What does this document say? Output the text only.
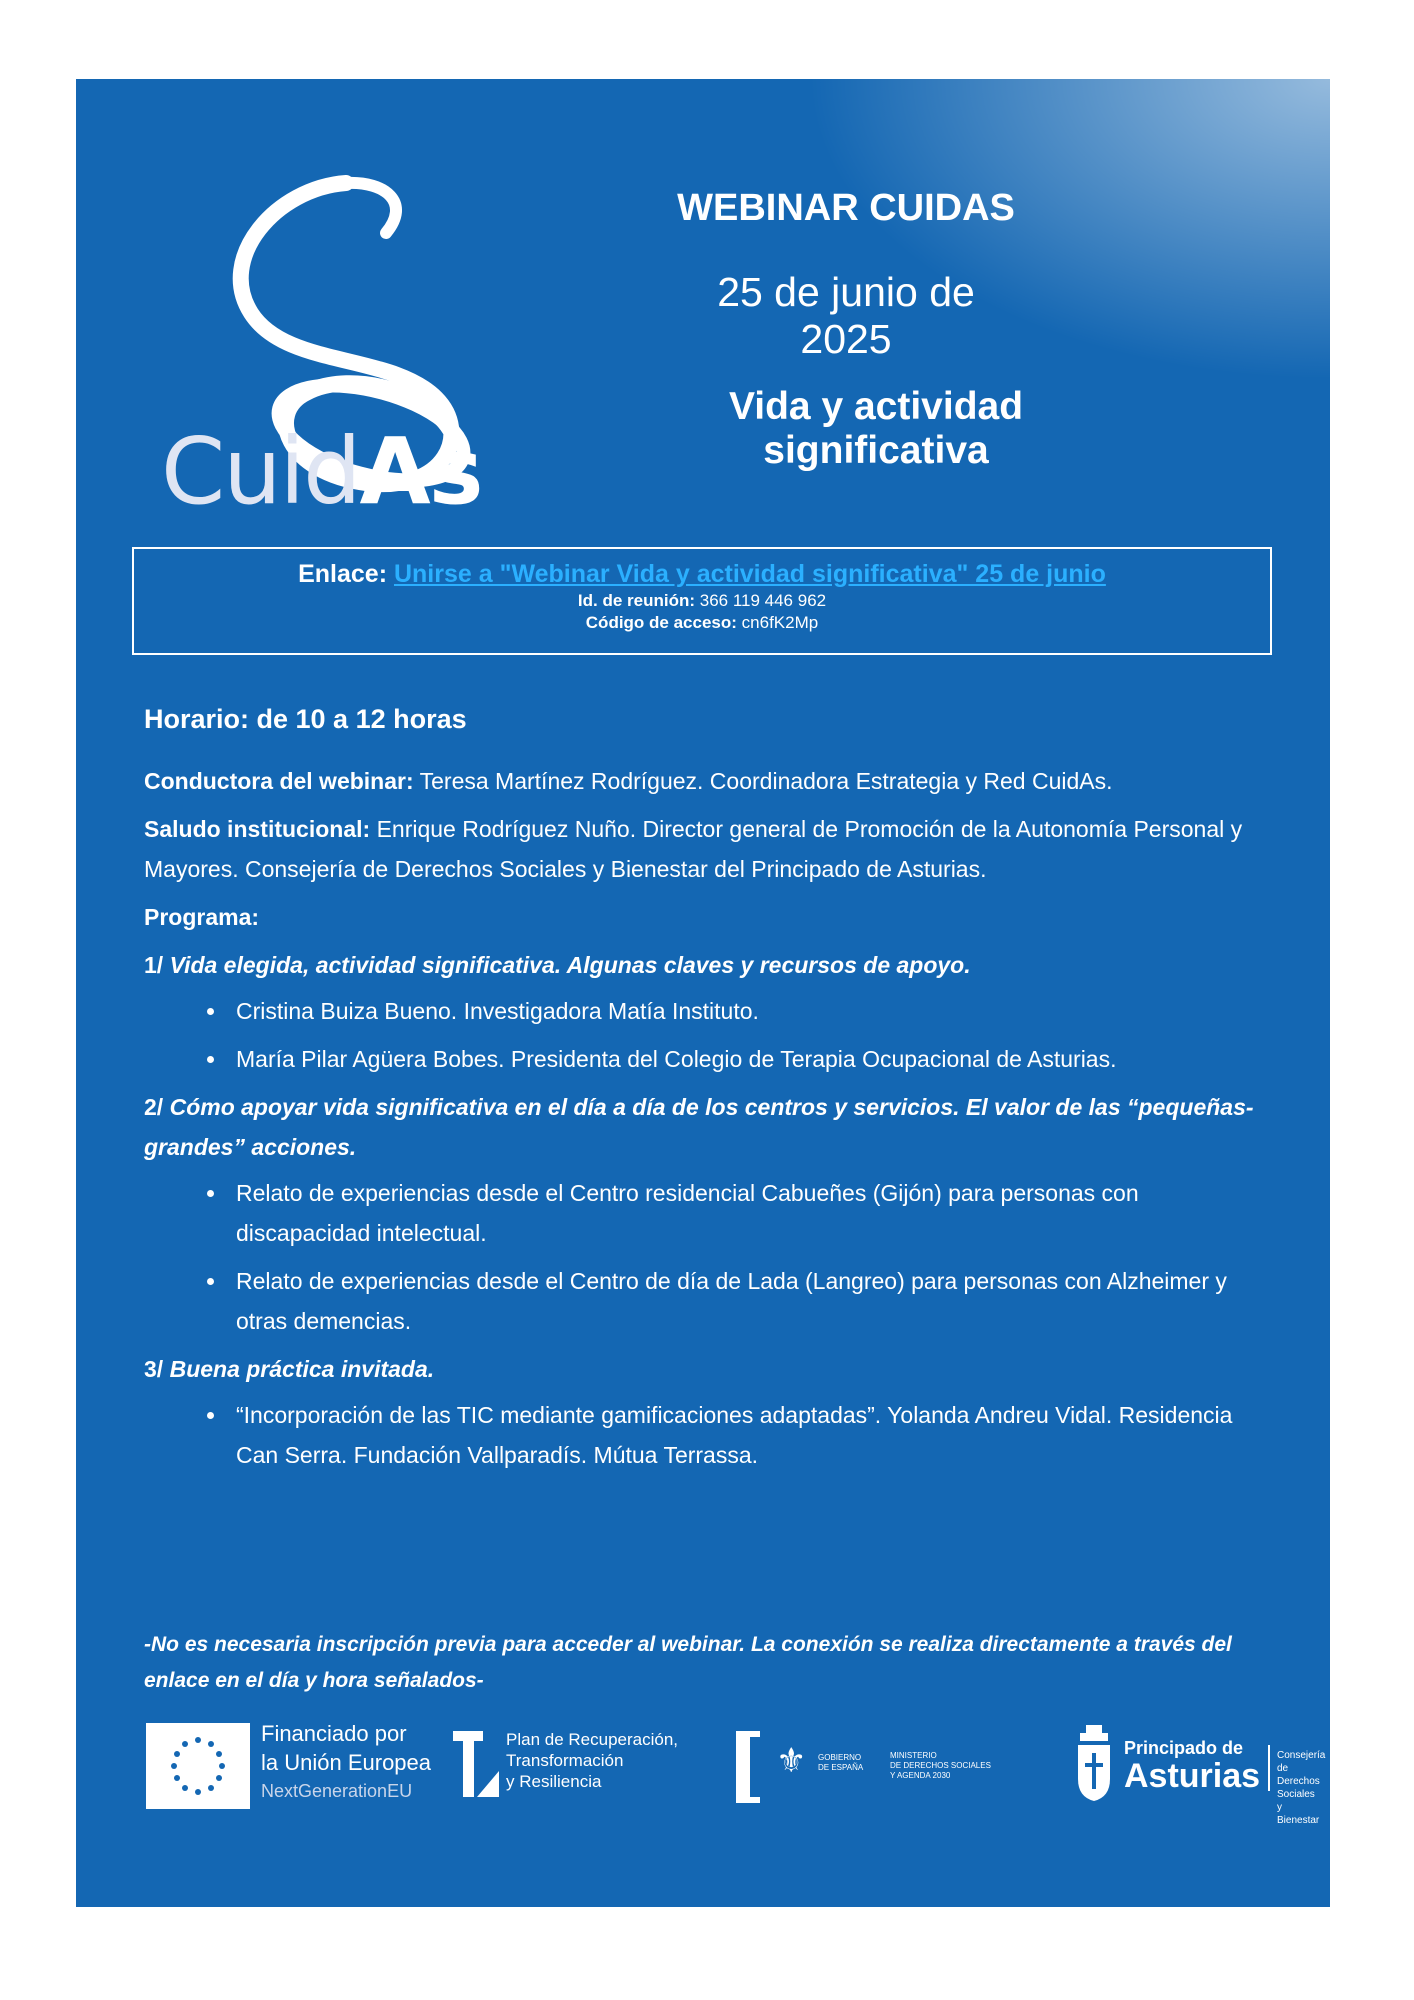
CuidAs
WEBINAR CUIDAS
25 de junio de 2025
Vida y actividad significativa
Enlace: Unirse a "Webinar Vida y actividad significativa" 25 de junio
Id. de reunión: 366 119 446 962
Código de acceso: cn6fK2Mp

Horario: de 10 a 12 horas

Conductora del webinar: Teresa Martínez Rodríguez. Coordinadora Estrategia y Red CuidAs.

Saludo institucional: Enrique Rodríguez Nuño. Director general de Promoción de la Autonomía Personal y Mayores. Consejería de Derechos Sociales y Bienestar del Principado de Asturias.

Programa:

1/ Vida elegida, actividad significativa. Algunas claves y recursos de apoyo.

• Cristina Buiza Bueno. Investigadora Matía Instituto.
• María Pilar Agüera Bobes. Presidenta del Colegio de Terapia Ocupacional de Asturias.

2/ Cómo apoyar vida significativa en el día a día de los centros y servicios. El valor de las “pequeñas-grandes” acciones.

• Relato de experiencias desde el Centro residencial Cabueñes (Gijón) para personas con discapacidad intelectual.
• Relato de experiencias desde el Centro de día de Lada (Langreo) para personas con Alzheimer y otras demencias.

3/ Buena práctica invitada.

• “Incorporación de las TIC mediante gamificaciones adaptadas”. Yolanda Andreu Vidal. Residencia Can Serra. Fundación Vallparadís. Mútua Terrassa.
-No es necesaria inscripción previa para acceder al webinar. La conexión se realiza directamente a través del enlace en el día y hora señalados-
Financiado por
la Unión Europea
NextGenerationEU
Plan de Recuperación,
Transformación
y Resiliencia
⚜ GOBIERNO
DE ESPAÑA
MINISTERIO
DE DERECHOS SOCIALES
Y AGENDA 2030
Principado de
Asturias
Consejería de
Derechos Sociales
y Bienestar
